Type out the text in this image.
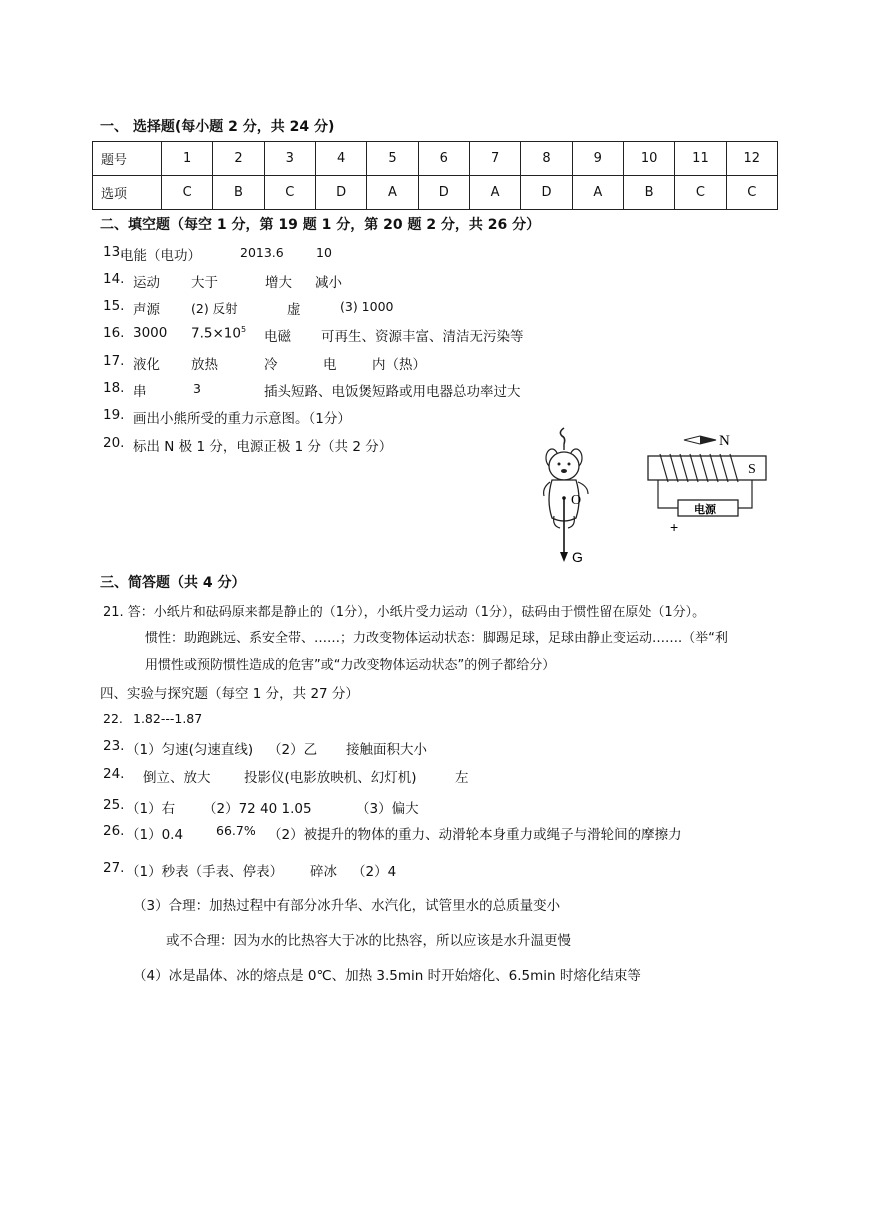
一、 选择题(每小题 2 分，共 24 分)
题号	1	2	3	4	5	6	7	8	9	10	11	12
选项	C	B	C	D	A	D	A	D	A	B	C	C
二、填空题（每空 1 分，第 19 题 1 分，第 20 题 2 分，共 26 分）
13.
电能（电功）	2013.6	10
14. 运动 大于	增大 减小
15. 声源 (2) 反射	虚	(3) 1000
16. 3000 $7.5\times 10^5$ 电磁 可再生、资源丰富、清洁无污染等
17. 液化 放热	冷	电	内（热）
18. 串	3	插头短路、电饭煲短路或用电器总功率过大
19. 画出小熊所受的重力示意图。（1分）
20. 标出 N 极 1 分，电源正极 1 分（共 2 分）
O
G
N
S
电源
+
三、简答题（共 4 分）
21. 答：小纸片和砝码原来都是静止的（1分），小纸片受力运动（1分），砝码由于惯性留在原处（1分）。
惯性：助跑跳远、系安全带、……；力改变物体运动状态：脚踢足球，足球由静止变运动…….（举“利
用惯性或预防惯性造成的危害”或“力改变物体运动状态”的例子都给分）
四、实验与探究题（每空 1 分，共 27 分）
22. 1.82---1.87
23. （1）匀速(匀速直线) （2）乙 接触面积大小
24. 倒立、放大 投影仪(电影放映机、幻灯机)	左
25. （1）右 （2）72 40 1.05	（3）偏大
26. （1）0.4	66.7% （2）被提升的物体的重力、动滑轮本身重力或绳子与滑轮间的摩擦力
27. （1）秒表（手表、停表） 碎冰 （2）4
（3）合理：加热过程中有部分冰升华、水汽化，试管里水的总质量变小
或不合理：因为水的比热容大于冰的比热容，所以应该是水升温更慢
（4）冰是晶体、冰的熔点是 0℃、加热 3.5min 时开始熔化、6.5min 时熔化结束等
